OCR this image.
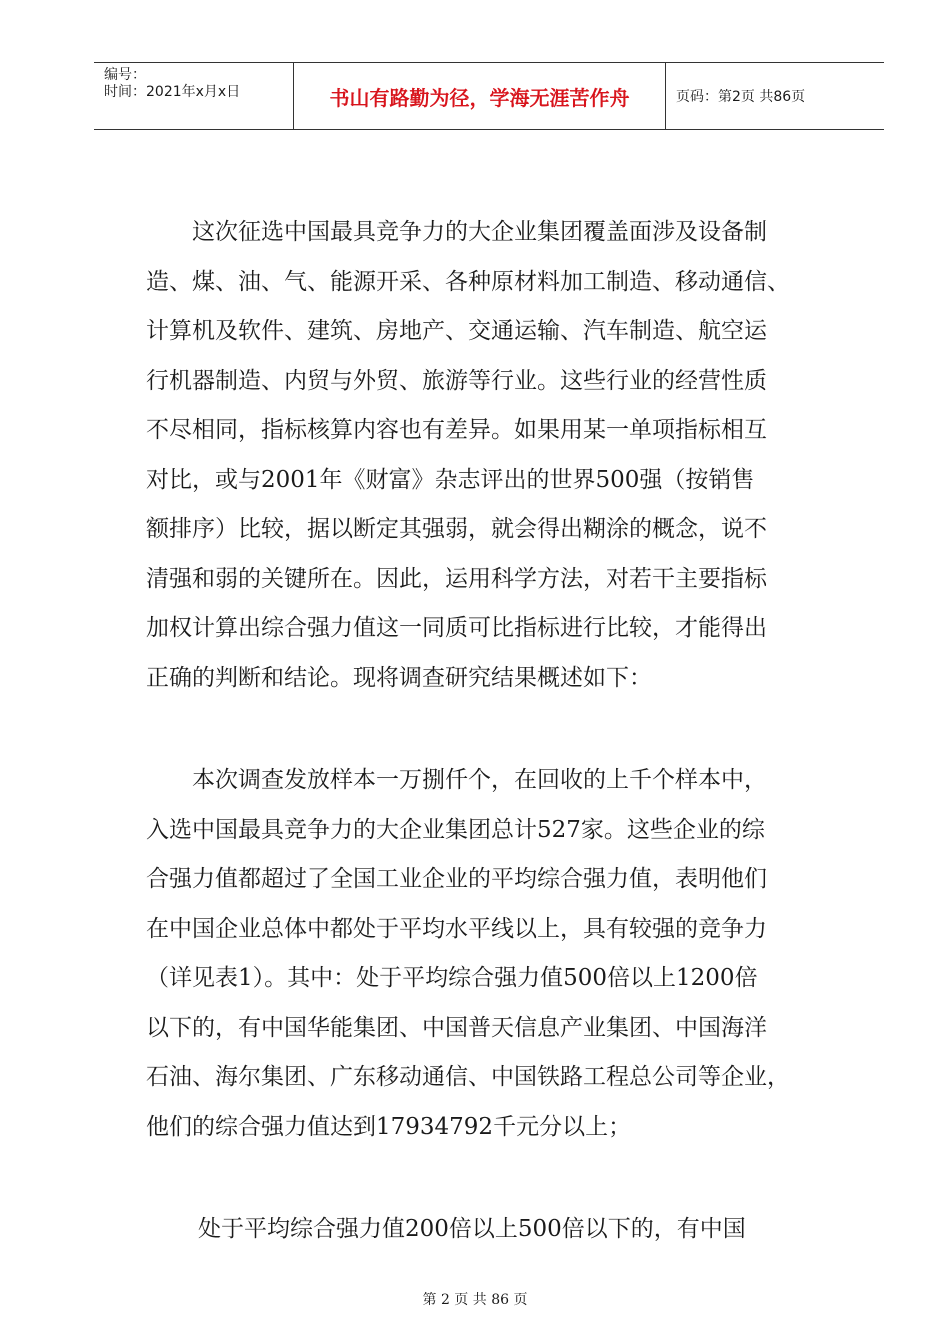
编号：
时间：2021年x月x日	书山有路勤为径，学海无涯苦作舟	页码：第2页 共86页
　　这次征选中国最具竞争力的大企业集团覆盖面涉及设备制
造、煤、油、气、能源开采、各种原材料加工制造、移动通信、
计算机及软件、建筑、房地产、交通运输、汽车制造、航空运
行机器制造、内贸与外贸、旅游等行业。这些行业的经营性质
不尽相同，指标核算内容也有差异。如果用某一单项指标相互
对比，或与2001年《财富》杂志评出的世界500强（按销售
额排序）比较，据以断定其强弱，就会得出糊涂的概念，说不
清强和弱的关键所在。因此，运用科学方法，对若干主要指标
加权计算出综合强力值这一同质可比指标进行比较，才能得出
正确的判断和结论。现将调查研究结果概述如下：
　　本次调查发放样本一万捌仟个，在回收的上千个样本中，
入选中国最具竞争力的大企业集团总计527家。这些企业的综
合强力值都超过了全国工业企业的平均综合强力值，表明他们
在中国企业总体中都处于平均水平线以上，具有较强的竞争力
（详见表1）。其中：处于平均综合强力值500倍以上1200倍
以下的，有中国华能集团、中国普天信息产业集团、中国海洋
石油、海尔集团、广东移动通信、中国铁路工程总公司等企业，
他们的综合强力值达到17934792千元分以上；
　　处于平均综合强力值200倍以上500倍以下的，有中国
第 2 页 共 86 页
